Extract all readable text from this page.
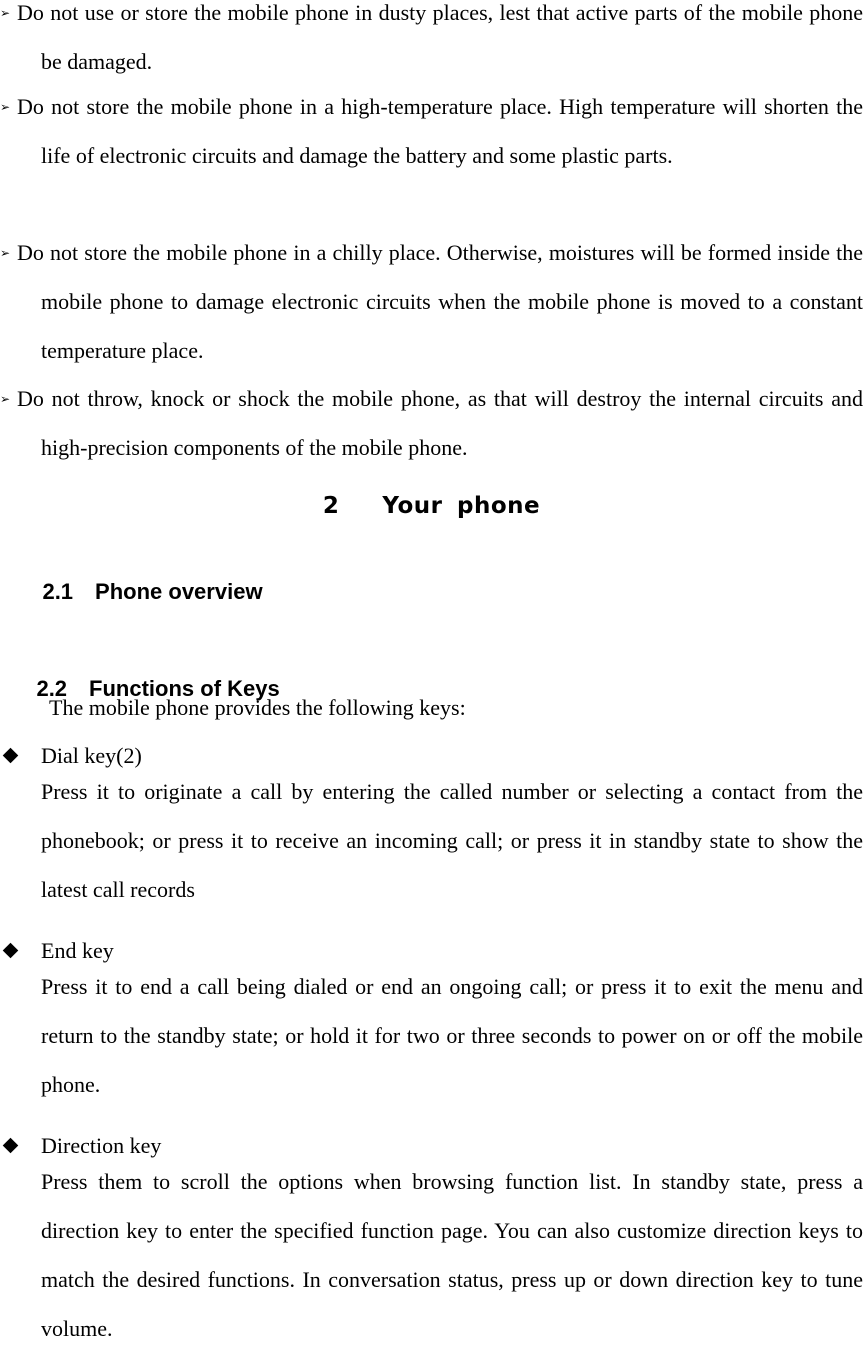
➢ Do not use or store the mobile phone in dusty places, lest that active parts of the mobile phone be damaged.

➢ Do not store the mobile phone in a high-temperature place. High temperature will shorten the life of electronic circuits and damage the battery and some plastic parts.

➢ Do not store the mobile phone in a chilly place. Otherwise, moistures will be formed inside the mobile phone to damage electronic circuits when the mobile phone is moved to a constant temperature place.

➢ Do not throw, knock or shock the mobile phone, as that will destroy the internal circuits and high-precision components of the mobile phone.

2 Your phone

2.1 Phone overview

2.2 Functions of Keys

The mobile phone provides the following keys:

Dial key(2)

Press it to originate a call by entering the called number or selecting a contact from the phonebook; or press it to receive an incoming call; or press it in standby state to show the latest call records

End key

Press it to end a call being dialed or end an ongoing call; or press it to exit the menu and return to the standby state; or hold it for two or three seconds to power on or off the mobile phone.

Direction key

Press them to scroll the options when browsing function list. In standby state, press a direction key to enter the specified function page. You can also customize direction keys to match the desired functions. In conversation status, press up or down direction key to tune volume.
